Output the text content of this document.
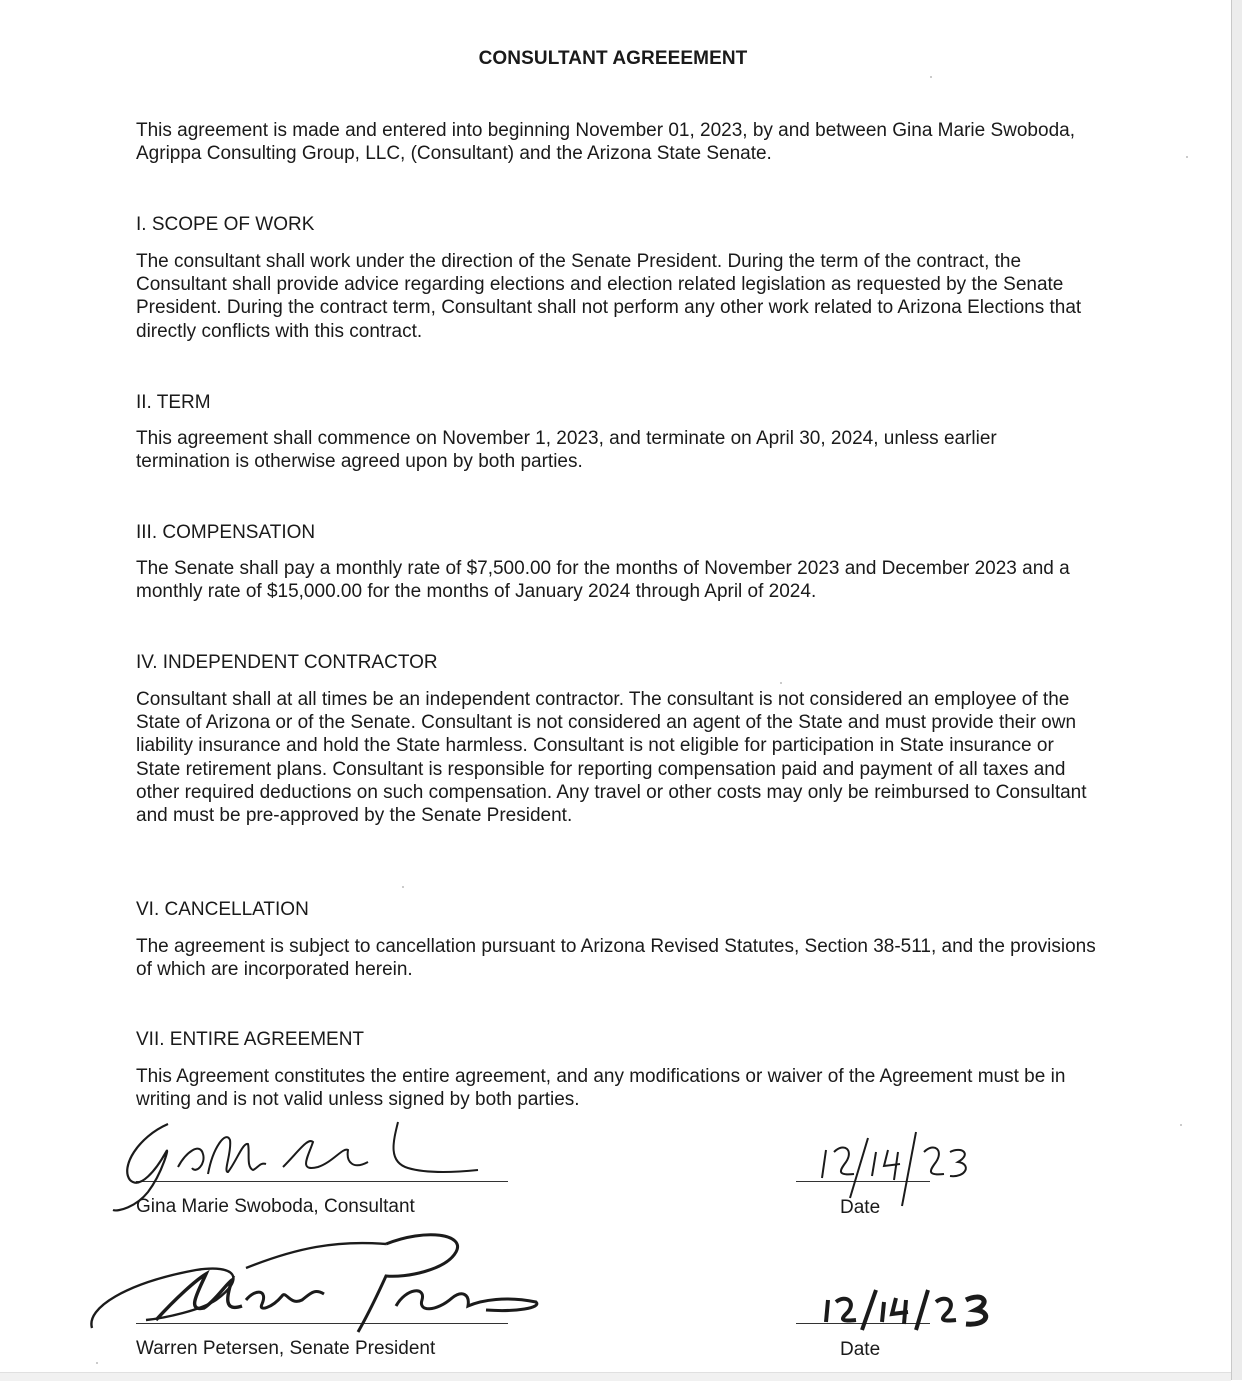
CONSULTANT AGREEEMENT

This agreement is made and entered into beginning November 01, 2023, by and between Gina Marie Swoboda, Agrippa Consulting Group, LLC, (Consultant) and the Arizona State Senate.

I. SCOPE OF WORK

The consultant shall work under the direction of the Senate President. During the term of the contract, the Consultant shall provide advice regarding elections and election related legislation as requested by the Senate President. During the contract term, Consultant shall not perform any other work related to Arizona Elections that directly conflicts with this contract.

II. TERM

This agreement shall commence on November 1, 2023, and terminate on April 30, 2024, unless earlier termination is otherwise agreed upon by both parties.

III. COMPENSATION

The Senate shall pay a monthly rate of $7,500.00 for the months of November 2023 and December 2023 and a monthly rate of $15,000.00 for the months of January 2024 through April of 2024.

IV. INDEPENDENT CONTRACTOR

Consultant shall at all times be an independent contractor. The consultant is not considered an employee of the State of Arizona or of the Senate. Consultant is not considered an agent of the State and must provide their own liability insurance and hold the State harmless. Consultant is not eligible for participation in State insurance or State retirement plans. Consultant is responsible for reporting compensation paid and payment of all taxes and other required deductions on such compensation. Any travel or other costs may only be reimbursed to Consultant and must be pre-approved by the Senate President.

VI. CANCELLATION

The agreement is subject to cancellation pursuant to Arizona Revised Statutes, Section 38-511, and the provisions of which are incorporated herein.

VII. ENTIRE AGREEMENT

This Agreement constitutes the entire agreement, and any modifications or waiver of the Agreement must be in writing and is not valid unless signed by both parties.

Gina Marie Swoboda, Consultant	Date
Warren Petersen, Senate President	Date
